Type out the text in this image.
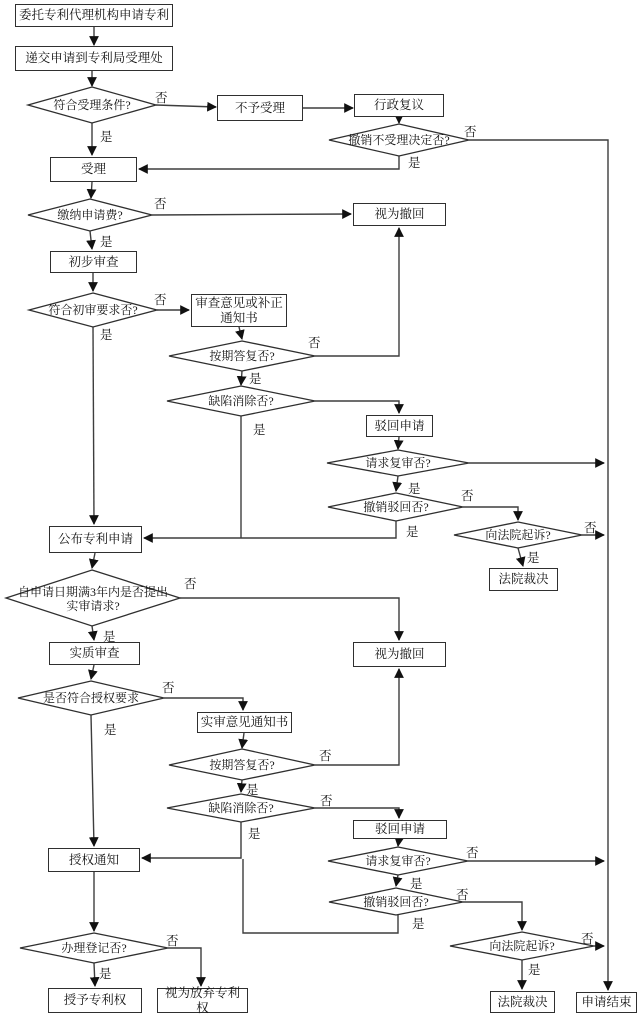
委托专利代理机构申请专利
递交申请到专利局受理处
不予受理	行政复议
受理
视为撤回
初步审查
审查意见或补正通知书
驳回申请
公布专利申请
法院裁决
实质审查	视为撤回
实审意见通知书
驳回申请
授权通知
授予专利权
视为放弃专利权	法院裁决	申请结束
符合受理条件?
撤销不受理决定否?
缴纳申请费?
符合初审要求否?
按期答复否?
缺陷消除否?
请求复审否?
撤销驳回否?
向法院起诉?
自申请日期满3年内是否提出实审请求?
是否符合授权要求
按期答复否?
缺陷消除否?
请求复审否?
撤销驳回否?
向法院起诉?
办理登记否?
否
是	否
是
否
是
否
是
否
是
是
是	否
是	否
是
否
是
否
是
否
是
否
是
否
是
否
是
否
是
否
是
